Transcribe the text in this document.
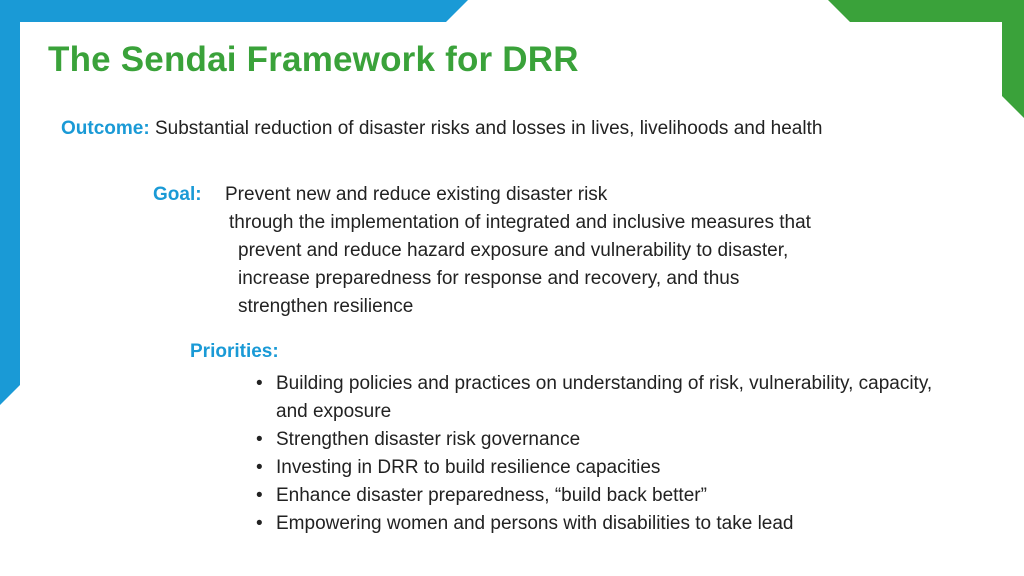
The Sendai Framework for DRR
Outcome: Substantial reduction of disaster risks and losses in lives, livelihoods and health
Goal: Prevent new and reduce existing disaster risk
through the implementation of integrated and inclusive measures that
prevent and reduce hazard exposure and vulnerability to disaster,
increase preparedness for response and recovery, and thus
strengthen resilience
Priorities:
• Building policies and practices on understanding of risk, vulnerability, capacity, and exposure
• Strengthen disaster risk governance
• Investing in DRR to build resilience capacities
• Enhance disaster preparedness, “build back better”
• Empowering women and persons with disabilities to take lead
